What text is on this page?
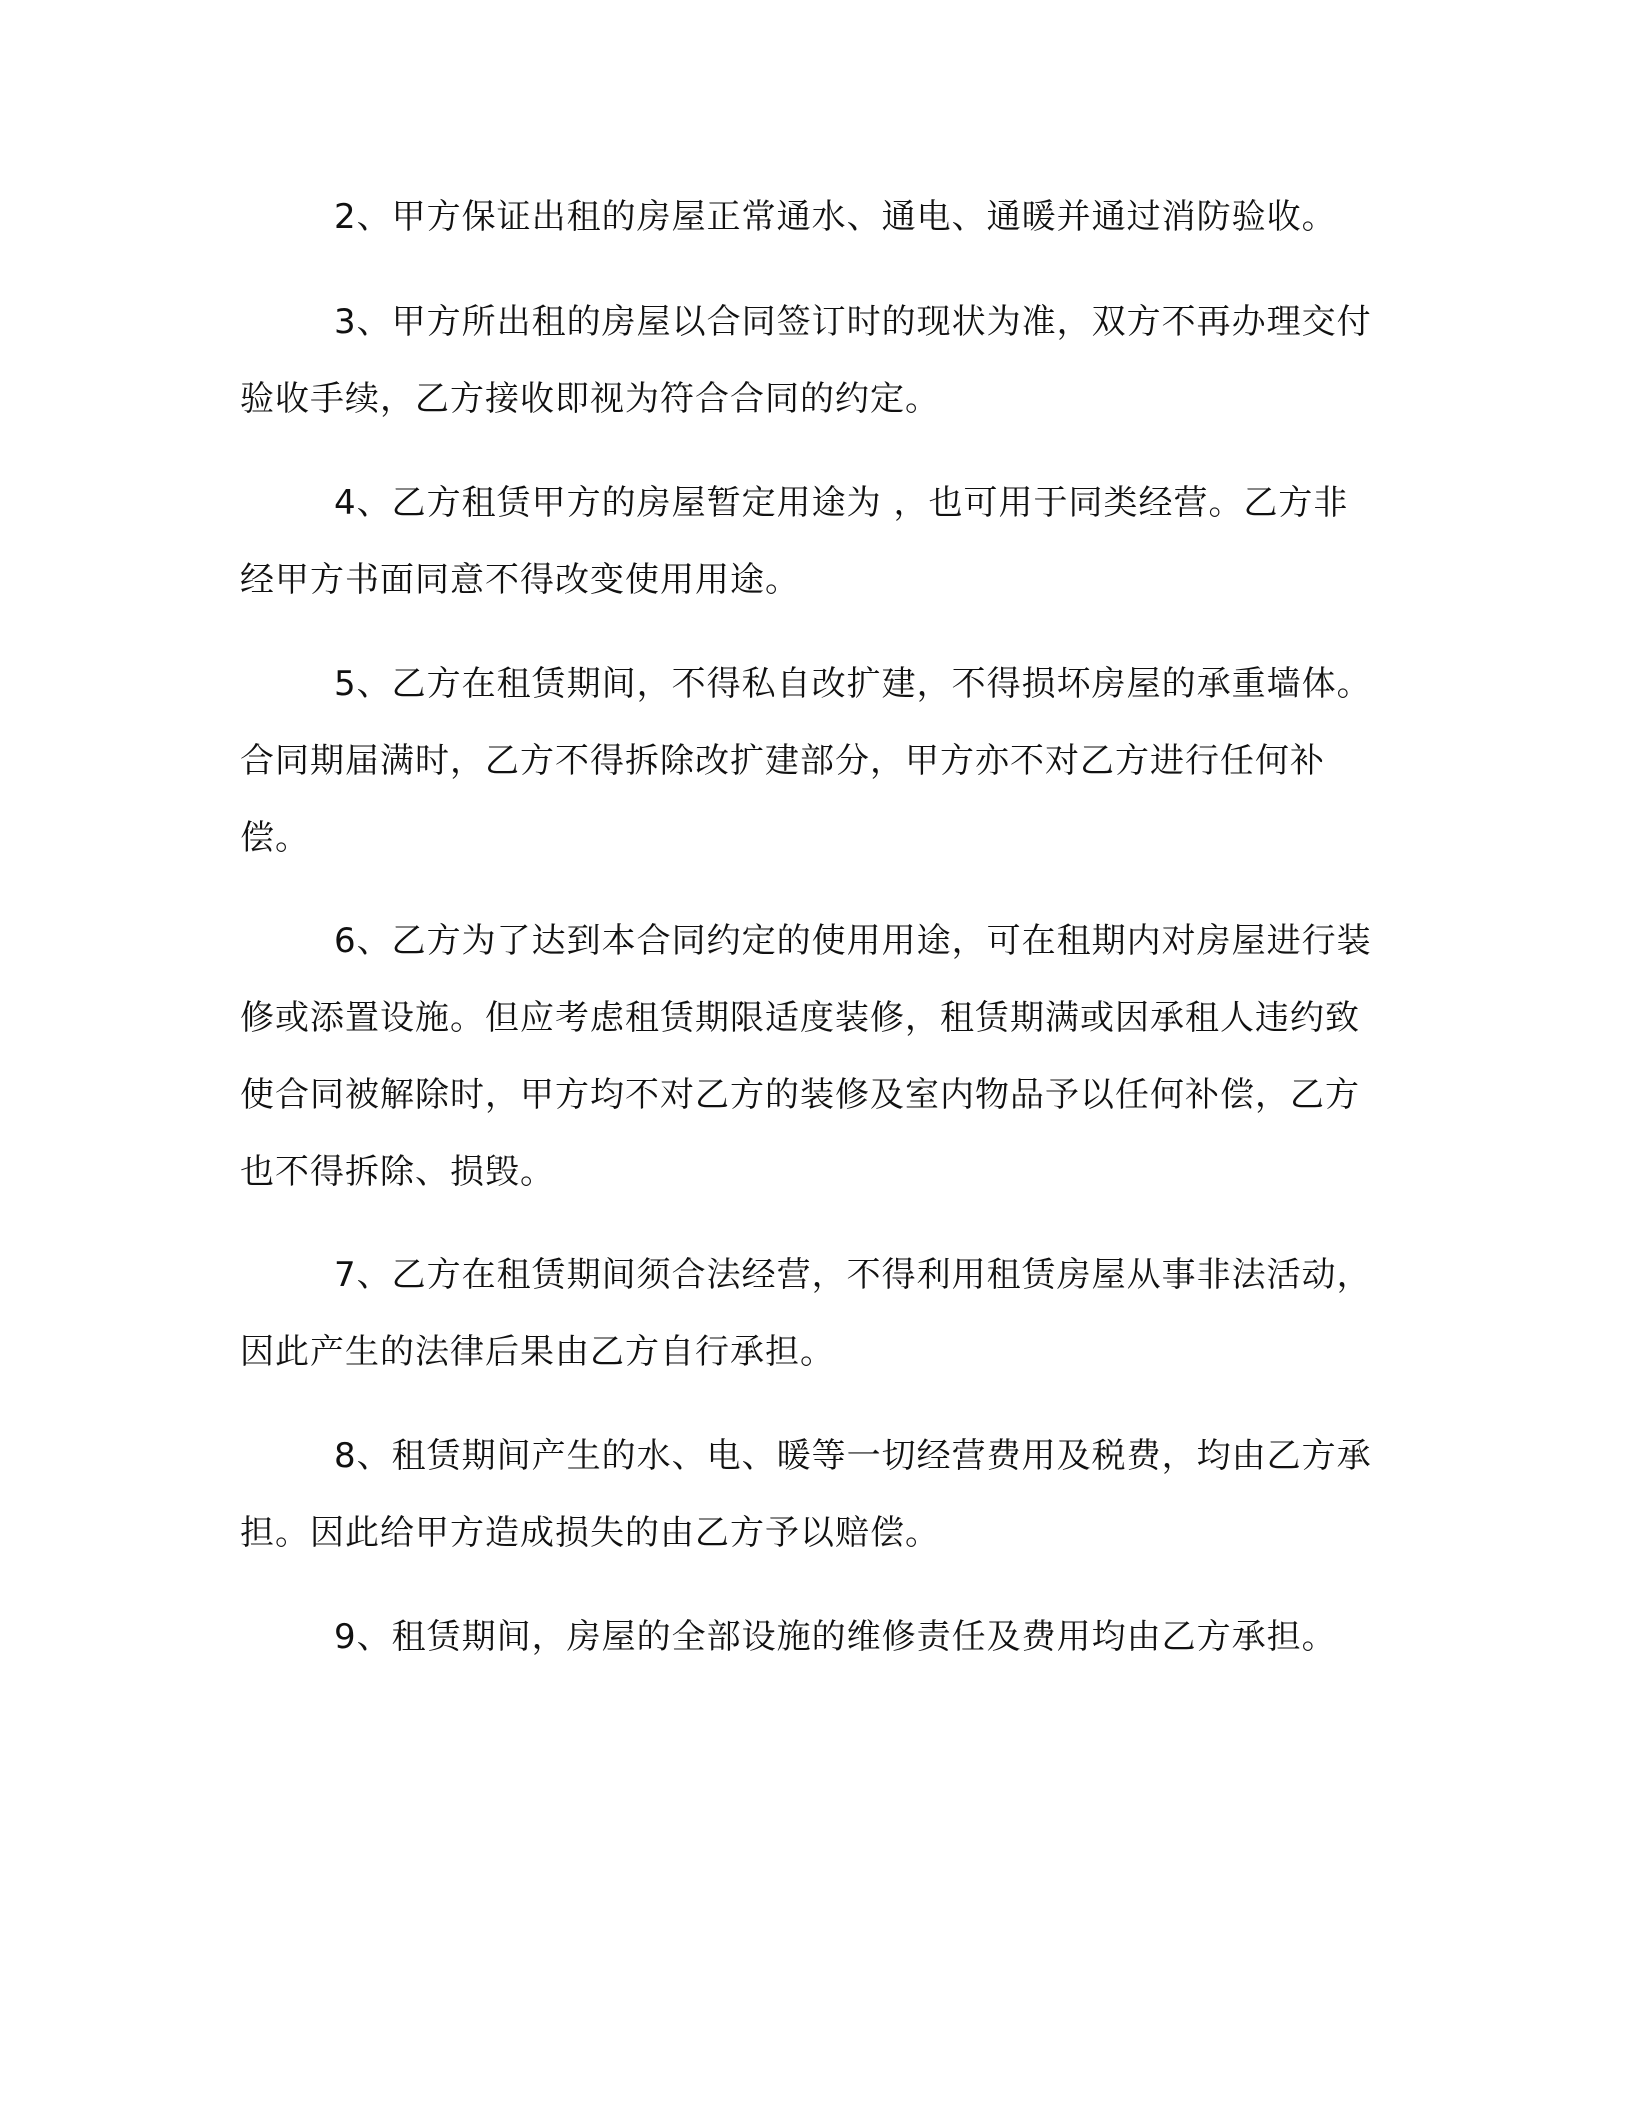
2、甲方保证出租的房屋正常通水、通电、通暖并通过消防验收。

3、甲方所出租的房屋以合同签订时的现状为准，双方不再办理交付验收手续，乙方接收即视为符合合同的约定。

4、乙方租赁甲方的房屋暂定用途为 ，也可用于同类经营。乙方非经甲方书面同意不得改变使用用途。

5、乙方在租赁期间，不得私自改扩建，不得损坏房屋的承重墙体。合同期届满时，乙方不得拆除改扩建部分，甲方亦不对乙方进行任何补偿。

6、乙方为了达到本合同约定的使用用途，可在租期内对房屋进行装修或添置设施。但应考虑租赁期限适度装修，租赁期满或因承租人违约致使合同被解除时，甲方均不对乙方的装修及室内物品予以任何补偿，乙方也不得拆除、损毁。

7、乙方在租赁期间须合法经营，不得利用租赁房屋从事非法活动，因此产生的法律后果由乙方自行承担。

8、租赁期间产生的水、电、暖等一切经营费用及税费，均由乙方承担。因此给甲方造成损失的由乙方予以赔偿。

9、租赁期间，房屋的全部设施的维修责任及费用均由乙方承担。
